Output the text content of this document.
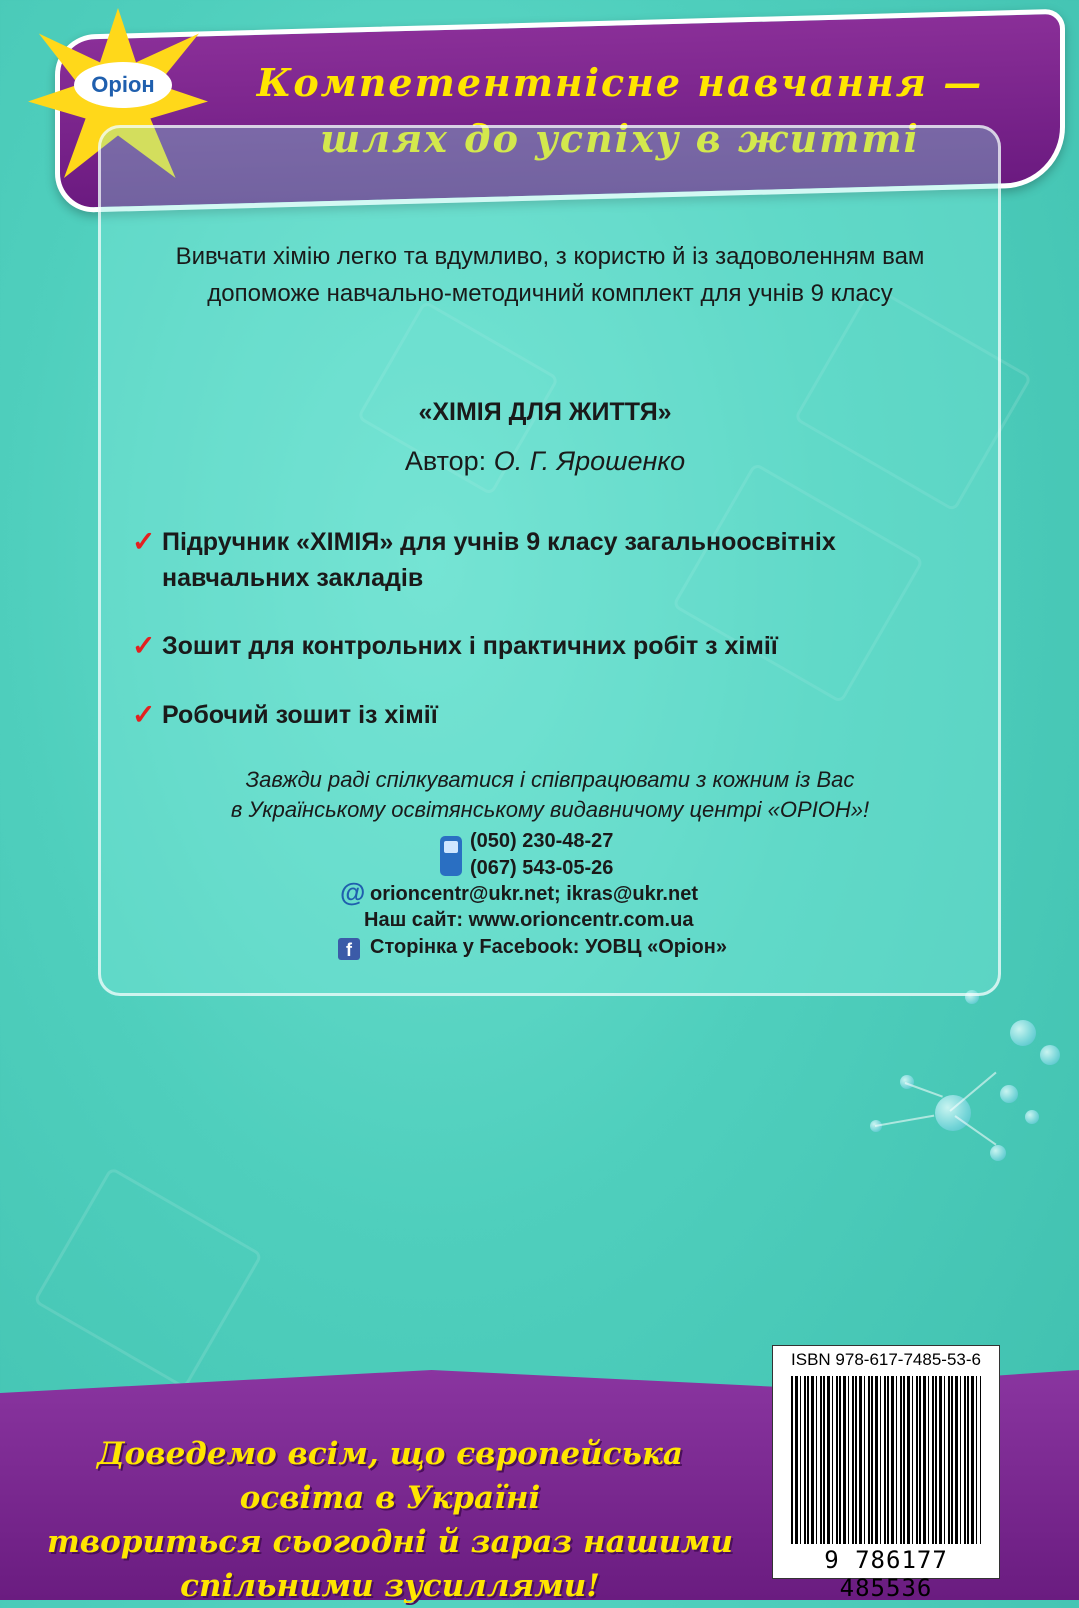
Компетентнісне навчання —
шлях до успіху в житті
Оріон
Вивчати хімію легко та вдумливо, з користю й із задоволенням вам допоможе навчально-методичний комплект для учнів 9 класу
«ХІМІЯ ДЛЯ ЖИТТЯ»
Автор: О. Г. Ярошенко
✓ Підручник «ХІМІЯ» для учнів 9 класу загальноосвітніх навчальних закладів
✓ Зошит для контрольних і практичних робіт з хімії
✓ Робочий зошит із хімії
Завжди раді спілкуватися і співпрацювати з кожним із Вас
в Українському освітянському видавничому центрі «ОРІОН»!
@
f
(050) 230-48-27
(067) 543-05-26
orioncentr@ukr.net; ikras@ukr.net
Наш сайт: www.orioncentr.com.ua
Сторінка у Facebook: УОВЦ «Оріон»
Доведемо всім, що європейська освіта в Україні
твориться сьогодні й зараз нашими
спільними зусиллями!
ISBN 978-617-7485-53-6
9 786177 485536
